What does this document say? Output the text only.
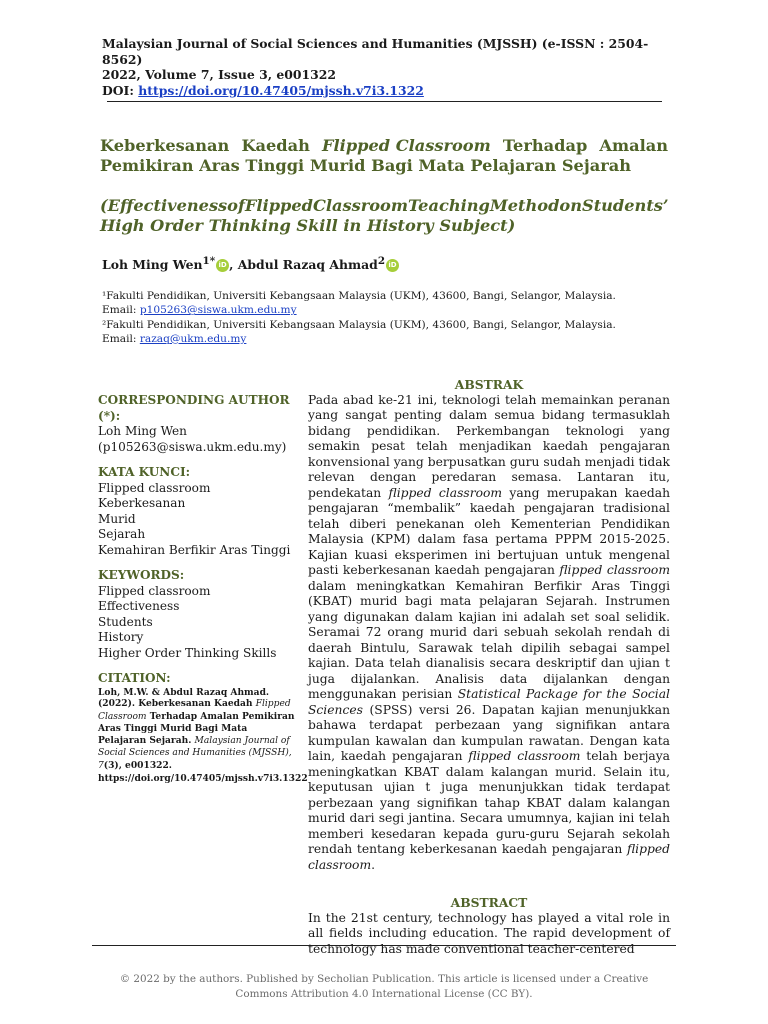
Malaysian Journal of Social Sciences and Humanities (MJSSH) (e-ISSN : 2504-8562)
2022, Volume 7, Issue 3, e001322
DOI: https://doi.org/10.47405/mjssh.v7i3.1322
Keberkesanan Kaedah Flipped Classroom Terhadap Amalan
Pemikiran Aras Tinggi Murid Bagi Mata Pelajaran Sejarah
(Effectiveness of Flipped Classroom Teaching Method on Students’
High Order Thinking Skill in History Subject)
Loh Ming Wen$^{1*}$ iD , Abdul Razaq Ahmad$^2$ iD
¹Fakulti Pendidikan, Universiti Kebangsaan Malaysia (UKM), 43600, Bangi, Selangor, Malaysia.
Email: p105263@siswa.ukm.edu.my
²Fakulti Pendidikan, Universiti Kebangsaan Malaysia (UKM), 43600, Bangi, Selangor, Malaysia.
Email: razaq@ukm.edu.my
CORRESPONDING AUTHOR (*):
Loh Ming Wen
(p105263@siswa.ukm.edu.my)
KATA KUNCI:
Flipped classroom
Keberkesanan
Murid
Sejarah
Kemahiran Berfikir Aras Tinggi
KEYWORDS:
Flipped classroom
Effectiveness
Students
History
Higher Order Thinking Skills
CITATION:
Loh, M.W. & Abdul Razaq Ahmad. (2022). Keberkesanan Kaedah Flipped Classroom Terhadap Amalan Pemikiran Aras Tinggi Murid Bagi Mata Pelajaran Sejarah. Malaysian Journal of Social Sciences and Humanities (MJSSH), 7(3), e001322. https://doi.org/10.47405/mjssh.v7i3.1322
ABSTRAK
Pada abad ke-21 ini, teknologi telah memainkan peranan yang sangat penting dalam semua bidang termasuklah bidang pendidikan. Perkembangan teknologi yang semakin pesat telah menjadikan kaedah pengajaran konvensional yang berpusatkan guru sudah menjadi tidak relevan dengan peredaran semasa. Lantaran itu, pendekatan flipped classroom yang merupakan kaedah pengajaran “membalik” kaedah pengajaran tradisional telah diberi penekanan oleh Kementerian Pendidikan Malaysia (KPM) dalam fasa pertama PPPM 2015-2025. Kajian kuasi eksperimen ini bertujuan untuk mengenal pasti keberkesanan kaedah pengajaran flipped classroom dalam meningkatkan Kemahiran Berfikir Aras Tinggi (KBAT) murid bagi mata pelajaran Sejarah. Instrumen yang digunakan dalam kajian ini adalah set soal selidik. Seramai 72 orang murid dari sebuah sekolah rendah di daerah Bintulu, Sarawak telah dipilih sebagai sampel kajian. Data telah dianalisis secara deskriptif dan ujian t juga dijalankan. Analisis data dijalankan dengan menggunakan perisian Statistical Package for the Social Sciences (SPSS) versi 26. Dapatan kajian menunjukkan bahawa terdapat perbezaan yang signifikan antara kumpulan kawalan dan kumpulan rawatan. Dengan kata lain, kaedah pengajaran flipped classroom telah berjaya meningkatkan KBAT dalam kalangan murid. Selain itu, keputusan ujian t juga menunjukkan tidak terdapat perbezaan yang signifikan tahap KBAT dalam kalangan murid dari segi jantina. Secara umumnya, kajian ini telah memberi kesedaran kepada guru-guru Sejarah sekolah rendah tentang keberkesanan kaedah pengajaran flipped classroom.
ABSTRACT
In the 21st century, technology has played a vital role in all fields including education. The rapid development of technology has made conventional teacher-centered
© 2022 by the authors. Published by Secholian Publication. This article is licensed under a Creative
Commons Attribution 4.0 International License (CC BY).
